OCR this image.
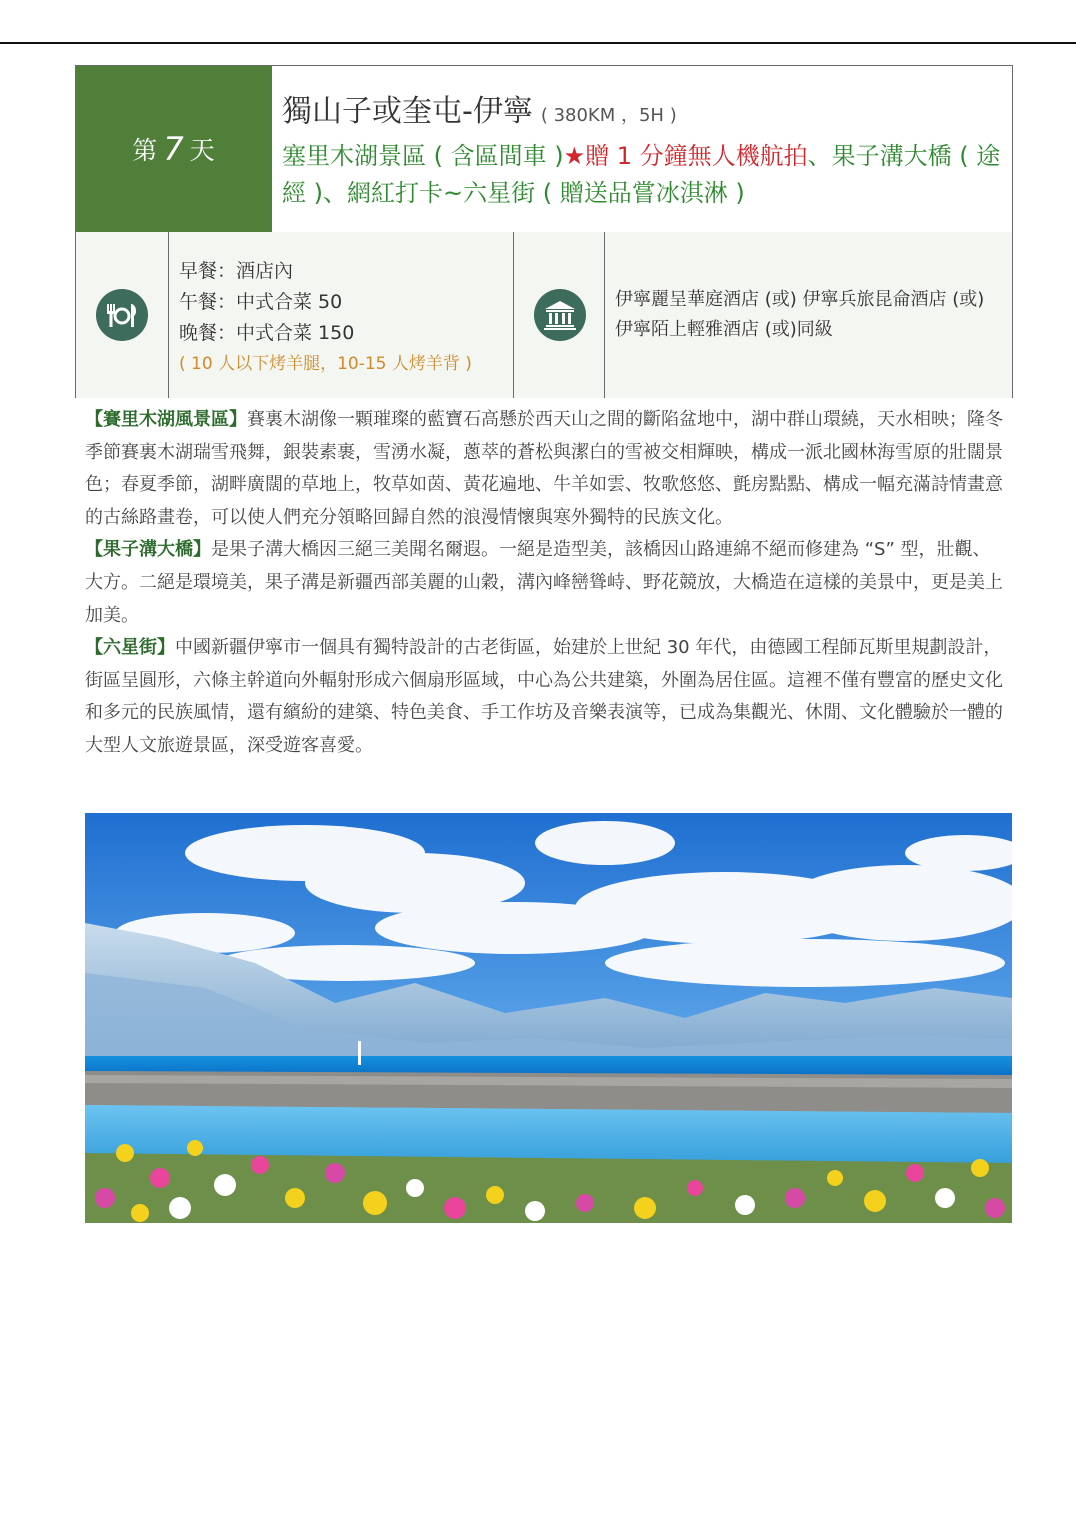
第 7 天
獨山子或奎屯-伊寧 ( 380KM ，5H )
塞里木湖景區 ( 含區間車 )★贈 1 分鐘無人機航拍、果子溝大橋 ( 途經 )、網紅打卡~六星街 ( 贈送品嘗冰淇淋 )
早餐：酒店內
午餐：中式合菜 50
晚餐：中式合菜 150
( 10 人以下烤羊腿，10-15 人烤羊背 )
伊寧麗呈華庭酒店 (或) 伊寧兵旅昆侖酒店 (或) 伊寧陌上輕雅酒店 (或)同級

【賽里木湖風景區】賽裏木湖像一顆璀璨的藍寶石高懸於西天山之間的斷陷盆地中，湖中群山環繞，天水相映；隆冬季節賽裏木湖瑞雪飛舞，銀裝素裹，雪湧水凝，蔥萃的蒼松與潔白的雪被交相輝映，構成一派北國林海雪原的壯闊景色；春夏季節，湖畔廣闊的草地上，牧草如茵、黃花遍地、牛羊如雲、牧歌悠悠、氈房點點、構成一幅充滿詩情畫意的古絲路畫卷，可以使人們充分領略回歸自然的浪漫情懷與寒外獨特的民族文化。

【果子溝大橋】是果子溝大橋因三絕三美聞名爾遐。一絕是造型美，該橋因山路連綿不絕而修建為 “S” 型，壯觀、大方。二絕是環境美，果子溝是新疆西部美麗的山穀，溝內峰巒聳峙、野花競放，大橋造在這樣的美景中，更是美上加美。

【六星街】中國新疆伊寧市一個具有獨特設計的古老街區，始建於上世紀 30 年代，由德國工程師瓦斯里規劃設計，街區呈圓形，六條主幹道向外輻射形成六個扇形區域，中心為公共建築，外圍為居住區。這裡不僅有豐富的歷史文化和多元的民族風情，還有繽紛的建築、特色美食、手工作坊及音樂表演等，已成為集觀光、休閒、文化體驗於一體的大型人文旅遊景區，深受遊客喜愛。
